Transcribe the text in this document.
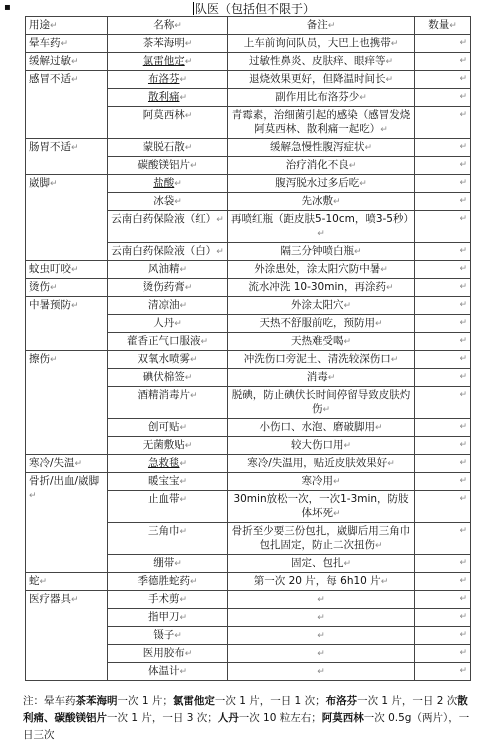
▪	队医（包括但不限于）
用途↵	名称↵	备注↵	数量↵
晕车药↵	茶苯海明↵	上车前询问队员，大巴上也携带↵	↵
缓解过敏↵	氯雷他定↵	过敏性鼻炎、皮肤痒、眼痒等↵	↵
感冒不适↵	布洛芬↵	退烧效果更好，但降温时间长↵	↵
	散利痛↵	副作用比布洛芬少↵	↵
	阿莫西林↵	青霉素，治细菌引起的感染（感冒发烧阿莫西林、散利痛一起吃）↵	↵
肠胃不适↵	蒙脱石散↵	缓解急慢性腹泻症状↵	↵
	碳酸镁铝片↵	治疗消化不良↵	↵
崴脚↵	盐酸↵	腹泻脱水过多后吃↵	↵
	冰袋↵	先冰敷↵	↵
	云南白药保险液（红）↵	再喷红瓶（距皮肤5-10cm，喷3-5秒）↵	↵
	云南白药保险液（白）↵	隔三分钟喷白瓶↵	↵
蚊虫叮咬↵	风油精↵	外涂患处，涂太阳穴防中暑↵	↵
烫伤↵	烫伤药膏↵	流水冲洗 10-30min，再涂药↵	↵
中暑预防↵	清凉油↵	外涂太阳穴↵	↵
	人丹↵	天热不舒服前吃，预防用↵	↵
	藿香正气口服液↵	天热难受喝↵	↵
擦伤↵	双氧水喷雾↵	冲洗伤口旁泥土、清洗较深伤口↵	↵
	碘伏棉签↵	消毒↵	↵
	酒精消毒片↵	脱碘，防止碘伏长时间停留导致皮肤灼伤↵	↵
	创可贴↵	小伤口、水泡、磨破脚用↵	↵
	无菌敷贴↵	较大伤口用↵	↵
寒冷/失温↵	急救毯↵	寒冷/失温用，贴近皮肤效果好↵	↵
骨折/出血/崴脚↵	暖宝宝↵	寒冷用↵	↵
	止血带↵	30min放松一次，一次1-3min，防肢体坏死↵	↵
	三角巾↵	骨折至少要三份包扎，崴脚后用三角巾包扎固定，防止二次扭伤↵	↵
	绷带↵	固定、包扎↵	↵
蛇↵	季德胜蛇药↵	第一次 20 片，每 6h10 片↵	↵
医疗器具↵	手术剪↵	↵	↵
	指甲刀↵	↵	↵
	镊子↵	↵	↵
	医用胶布↵	↵	↵
	体温计↵	↵	↵
注：晕车药茶苯海明一次 1 片；氯雷他定一次 1 片，一日 1 次；布洛芬一次 1 片，一日 2 次散利痛、碳酸镁铝片一次 1 片，一日 3 次；人丹一次 10 粒左右；阿莫西林一次 0.5g（两片），一日三次
